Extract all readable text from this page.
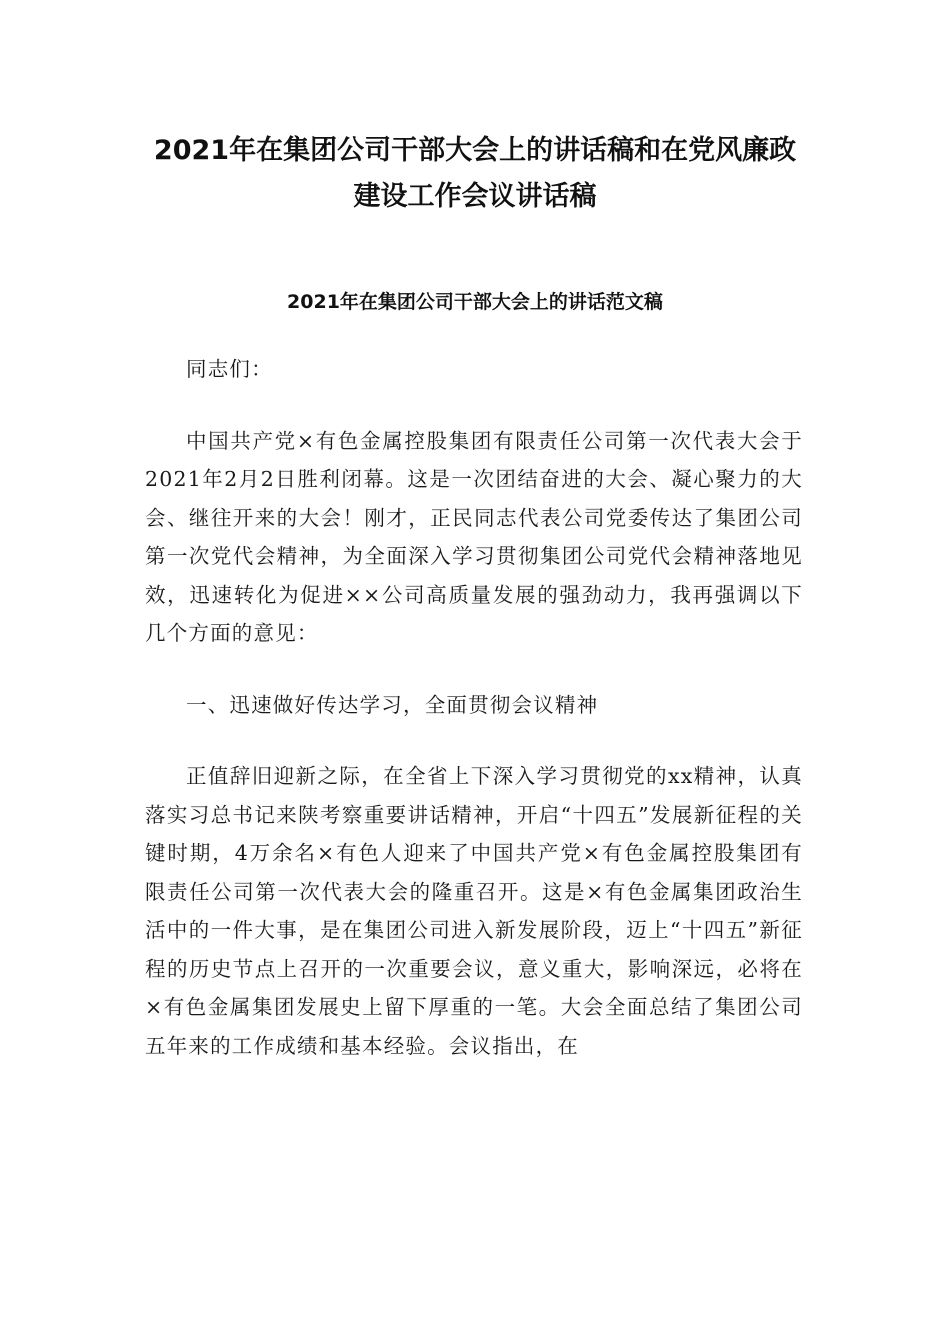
2021年在集团公司干部大会上的讲话稿和在党风廉政建设工作会议讲话稿
2021年在集团公司干部大会上的讲话范文稿

同志们：

中国共产党×有色金属控股集团有限责任公司第一次代表大会于2021年2月2日胜利闭幕。这是一次团结奋进的大会、凝心聚力的大会、继往开来的大会！刚才，正民同志代表公司党委传达了集团公司第一次党代会精神，为全面深入学习贯彻集团公司党代会精神落地见效，迅速转化为促进××公司高质量发展的强劲动力，我再强调以下几个方面的意见：

一、迅速做好传达学习，全面贯彻会议精神

正值辞旧迎新之际，在全省上下深入学习贯彻党的xx精神，认真落实习总书记来陕考察重要讲话精神，开启“十四五”发展新征程的关键时期，4万余名×有色人迎来了中国共产党×有色金属控股集团有限责任公司第一次代表大会的隆重召开。这是×有色金属集团政治生活中的一件大事，是在集团公司进入新发展阶段，迈上“十四五”新征程的历史节点上召开的一次重要会议，意义重大，影响深远，必将在×有色金属集团发展史上留下厚重的一笔。大会全面总结了集团公司五年来的工作成绩和基本经验。会议指出，在
